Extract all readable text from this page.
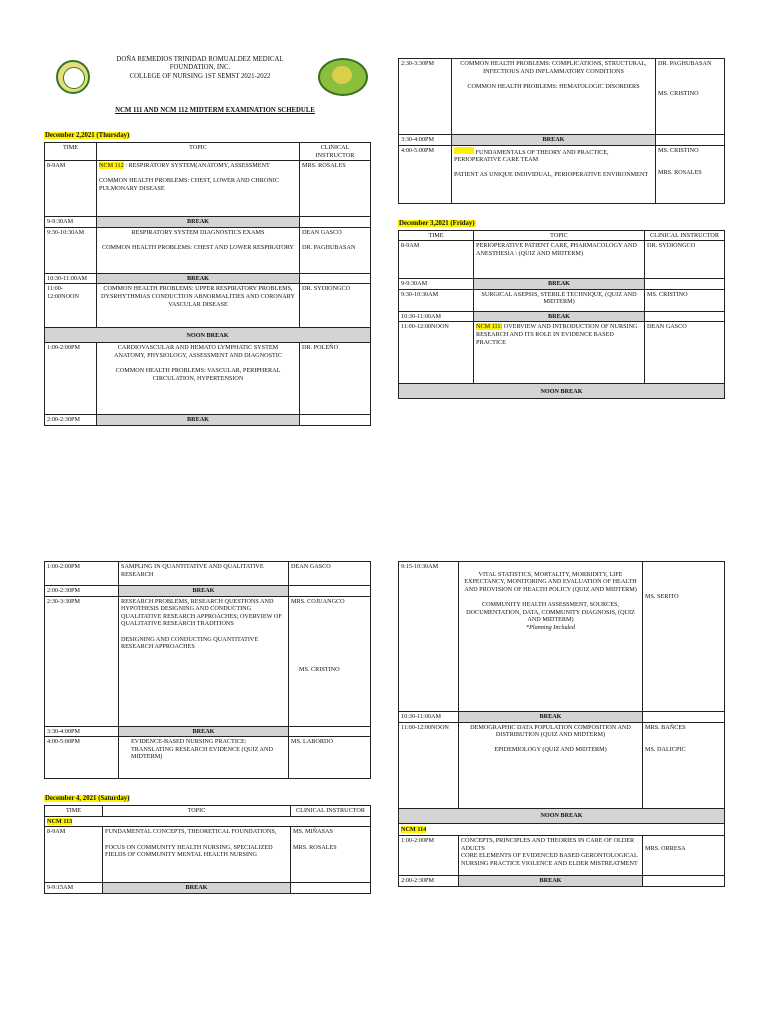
DOÑA REMEDIOS TRINIDAD ROMUALDEZ MEDICAL
FOUNDATION, INC.
COLLEGE OF NURSING 1ST SEMST 2021-2022
NCM 111 AND NCM 112 MIDTERM EXAMINATION SCHEDULE
December 2,2021 (Thursday)
TIME	TOPIC	CLINICAL INSTRUCTOR
8-9AM	NCM 112 : RESPIRATORY SYSTEM(ANATOMY, ASSESSMENT

COMMON HEALTH PROBLEMS: CHEST, LOWER AND CHRONIC PULMONARY DISEASE	MRS. ROSALES
9-9:30AM	BREAK	
9:30-10:30AM	RESPIRATORY SYSTEM DIAGNOSTICS EXAMS

COMMON HEALTH PROBLEMS: CHEST AND LOWER RESPIRATORY	DEAN GASCO

DR. PAGHUBASAN
10:30-11:00AM	BREAK	
11:00-12:00NOON	COMMON HEALTH PROBLEMS: UPPER RESPIRATORY PROBLEMS, DYSRHYTHMIAS CONDUCTION ABNORMALITIES AND CORONARY VASCULAR DISEASE	DR. SYDIONGCO
NOON BREAK		
1:00-2:00PM	CARDIOVASCULAR AND HEMATO LYMPHATIC SYSTEM
ANATOMY, PHYSIOLOGY, ASSESSMENT AND DIAGNOSTIC

COMMON HEALTH PROBLEMS: VASCULAR, PERIPHERAL CIRCULATION, HYPERTENSION	DR. POLEÑO
2:00-2:30PM	BREAK	
2:30-3:30PM	COMMON HEALTH PROBLEMS: COMPLICATIONS, STRUCTURAL, INFECTIOUS AND INFLAMMATORY CONDITIONS

COMMON HEALTH PROBLEMS: HEMATOLOGIC DISORDERS	DR. PAGHUBASAN

MS. CRISTINO
3:30-4:00PM	BREAK	
4:00-5:00PM	FUNDAMENTALS OF THEORY AND PRACTICE, PERIOPERATIVE CARE TEAM

PATIENT AS UNIQUE INDIVIDUAL, PERIOPERATIVE ENVIRONMENT	MS. CRISTINO

MRS. ROSALES
December 3,2021 (Friday)
TIME	TOPIC	CLINICAL INSTRUCTOR
8-9AM	PERIOPERATIVE PATIENT CARE, PHARMACOLOGY AND ANESTHESIA \ (QUIZ AND MIDTERM)	DR. SYDIONGCO
9-9:30AM	BREAK	
9:30-10:30AM	SURGICAL ASEPSIS, STERILE TECHNIQUE, (QUIZ AND MIDTERM)	MS. CRISTINO
10:30-11:00AM	BREAK	
11:00-12:00NOON	NCM 111: OVERVIEW AND INTRODUCTION OF NURSING RESEARCH AND ITS ROLE IN EVIDENCE BASED PRACTICE	DEAN GASCO
NOON BREAK		
1:00-2:00PM	SAMPLING IN QUANTITATIVE AND QUALITATIVE RESEARCH	DEAN GASCO
2:00-2:30PM	BREAK	
2:30-3:30PM	RESEARCH PROBLEMS, RESEARCH QUESTIONS AND HYPOTHESIS DESIGNING AND CONDUCTING QUALITATIVE RESEARCH APPROACHES; OVERVIEW OF QUALITATIVE RESEARCH TRADITIONS

DESIGNING AND CONDUCTING QUANTITATIVE RESEARCH APPROACHES	MRS. COJUANGCO

MS. CRISTINO
3:30-4:00PM	BREAK	
4:00-5:00PM	EVIDENCE-BASED NURSING PRACTICE: TRANSLATING RESEARCH EVIDENCE (QUIZ AND MIDTERM)	MS. LABORDO
December 4, 2021 (Saturday)
TIME	TOPIC	CLINICAL INSTRUCTOR
NCM 113		
8-9AM	FUNDAMENTAL CONCEPTS, THEORETICAL FOUNDATIONS,

FOCUS ON COMMUNITY HEALTH NURSING, SPECIALIZED FIELDS OF COMMUNITY MENTAL HEALTH NURSING	MS. MIÑASAS

MRS. ROSALES
9-9:15AM	BREAK	
9:15-10:30AM	VITAL STATISTICS, MORTALITY, MORBIDITY, LIFE EXPECTANCY, MONITORING AND EVALUATION OF HEALTH AND PROVISION OF HEALTH POLICY (QUIZ AND MIDTERM)

COMMUNITY HEALTH ASSESSMENT, SOURCES, DOCUMENTATION, DATA, COMMUNITY DIAGNOSIS, (QUIZ AND MIDTERM)
*Planning Included	MS. SERITO
10:30-11:00AM	BREAK	
11:00-12:00NOON	DEMOGRAPHIC DATA POPULATION COMPOSITION AND DISTRIBUTION (QUIZ AND MIDTERM)

EPIDEMIOLOGY (QUIZ AND MIDTERM)	MRS. BAÑCES

MS. DALICPIC
NOON BREAK		
NCM 114		
1:00-2:00PM	CONCEPTS, PRINCIPLES AND THEORIES IN CARE OF OLDER ADULTS
CORE ELEMENTS OF EVIDENCED BASED GERONTOLOGICAL NURSING PRACTICE VIOLENCE AND ELDER MISTREATMENT	MRS. ORRESA
2:00-2:30PM	BREAK	
